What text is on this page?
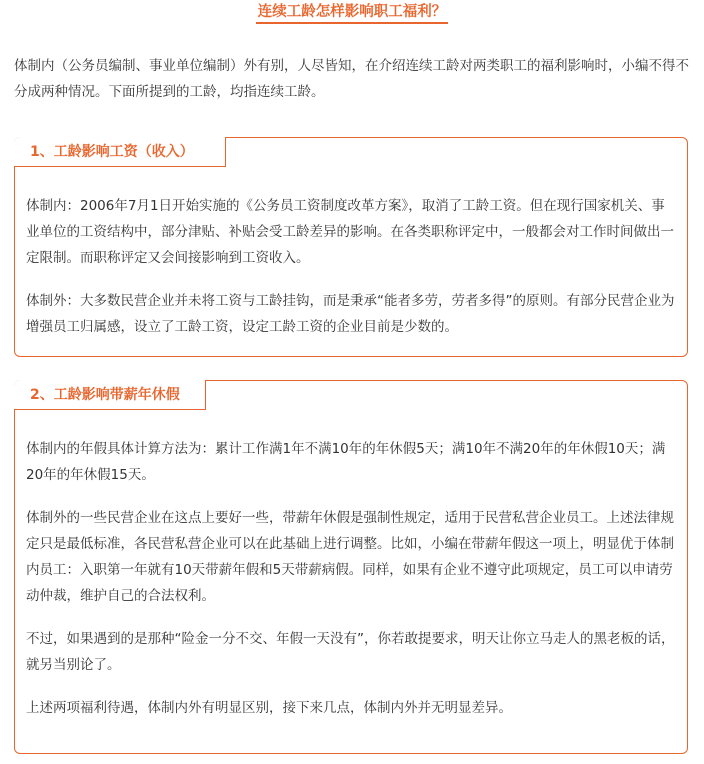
连续工龄怎样影响职工福利？
体制内（公务员编制、事业单位编制）外有别，人尽皆知，在介绍连续工龄对两类职工的福利影响时，小编不得不分成两种情况。下面所提到的工龄，均指连续工龄。
1、工龄影响工资（收入）

体制内：2006年7月1日开始实施的《公务员工资制度改革方案》，取消了工龄工资。但在现行国家机关、事业单位的工资结构中，部分津贴、补贴会受工龄差异的影响。在各类职称评定中，一般都会对工作时间做出一定限制。而职称评定又会间接影响到工资收入。

体制外：大多数民营企业并未将工资与工龄挂钩，而是秉承“能者多劳，劳者多得”的原则。有部分民营企业为增强员工归属感，设立了工龄工资，设定工龄工资的企业目前是少数的。

2、工龄影响带薪年休假

体制内的年假具体计算方法为：累计工作满1年不满10年的年休假5天；满10年不满20年的年休假10天；满20年的年休假15天。

体制外的一些民营企业在这点上要好一些，带薪年休假是强制性规定，适用于民营私营企业员工。上述法律规定只是最低标准，各民营私营企业可以在此基础上进行调整。比如，小编在带薪年假这一项上，明显优于体制内员工：入职第一年就有10天带薪年假和5天带薪病假。同样，如果有企业不遵守此项规定，员工可以申请劳动仲裁，维护自己的合法权利。

不过，如果遇到的是那种“险金一分不交、年假一天没有”，你若敢提要求，明天让你立马走人的黑老板的话，就另当别论了。

上述两项福利待遇，体制内外有明显区别，接下来几点，体制内外并无明显差异。
